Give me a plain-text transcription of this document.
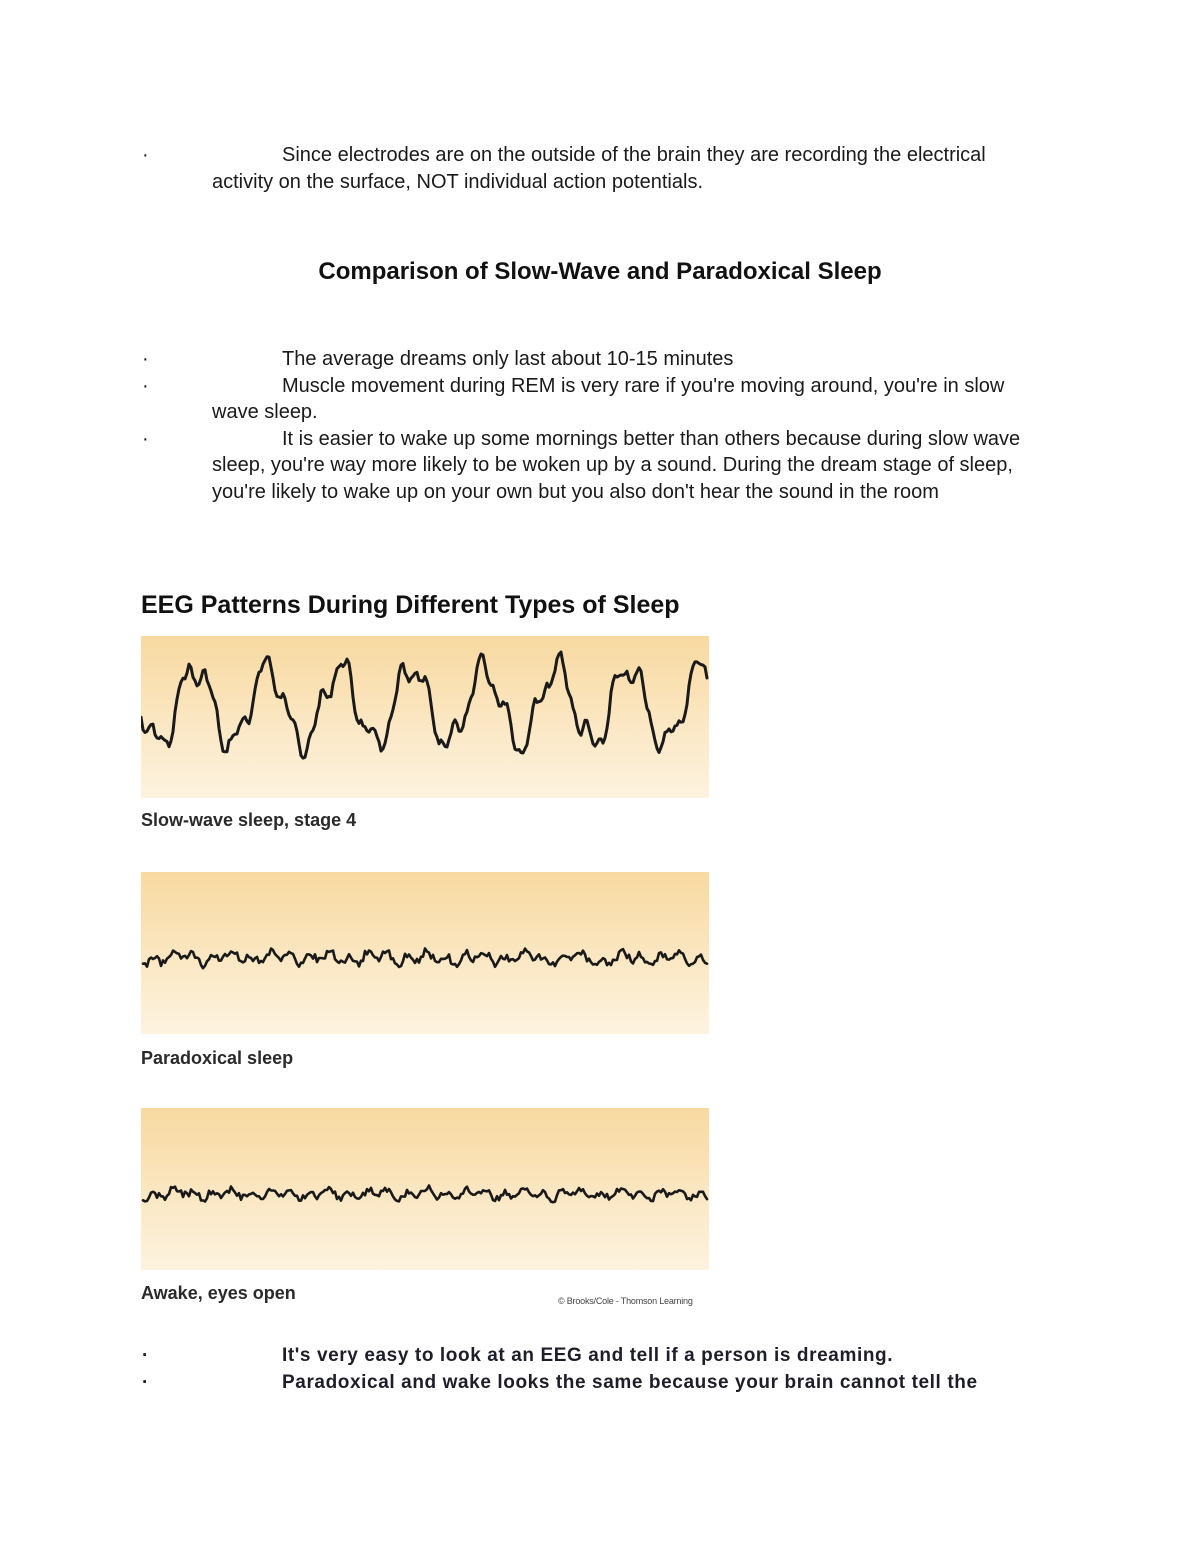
·	Since electrodes are on the outside of the brain they are recording the electrical activity on the surface, NOT individual action potentials.
Comparison of Slow-Wave and Paradoxical Sleep
·	The average dreams only last about 10-15 minutes
·	Muscle movement during REM is very rare if you're moving around, you're in slow wave sleep.
·	It is easier to wake up some mornings better than others because during slow wave sleep, you're way more likely to be woken up by a sound. During the dream stage of sleep, you're likely to wake up on your own but you also don't hear the sound in the room
EEG Patterns During Different Types of Sleep
Slow-wave sleep, stage 4
Paradoxical sleep
Awake, eyes open	© Brooks/Cole - Thomson Learning
·	It's very easy to look at an EEG and tell if a person is dreaming.
·	Paradoxical and wake looks the same because your brain cannot tell the
